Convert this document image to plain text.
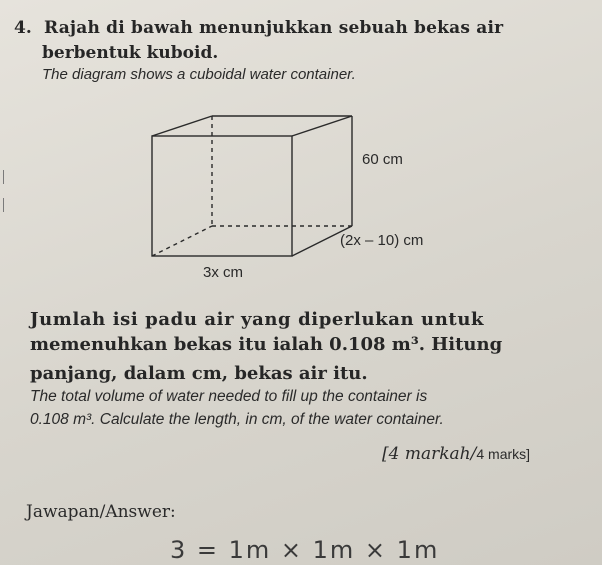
4. Rajah di bawah menunjukkan sebuah bekas air
berbentuk kuboid.
The diagram shows a cuboidal water container.
60 cm
(2x – 10) cm
3x cm
Jumlah isi padu air yang diperlukan untuk
memenuhkan bekas itu ialah 0.108 m³. Hitung
panjang, dalam cm, bekas air itu.
The total volume of water needed to fill up the container is
0.108 m³. Calculate the length, in cm, of the water container.
[4 markah/4 marks]
Jawapan/Answer:
3 = 1m × 1m × 1m
